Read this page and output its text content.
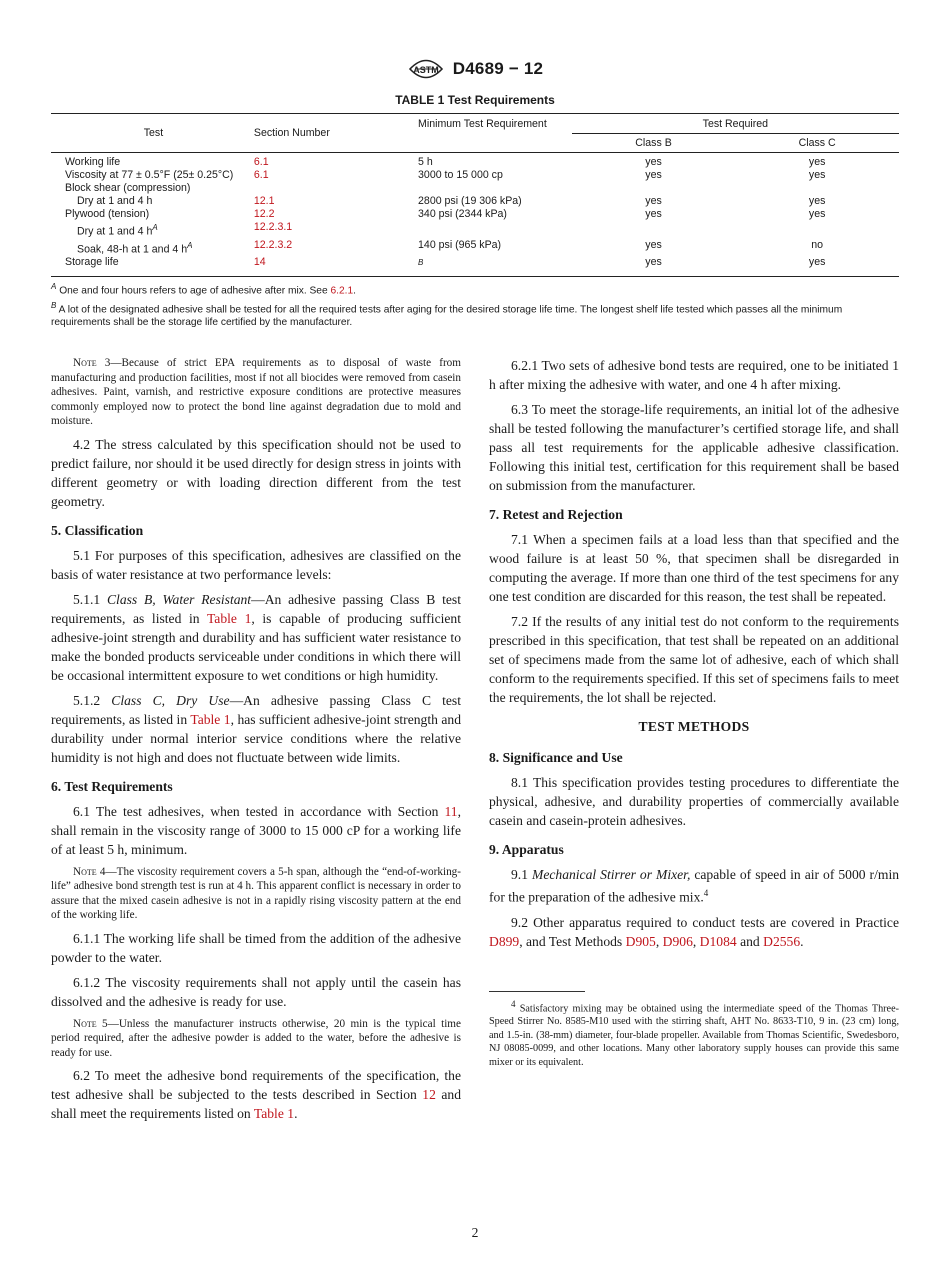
ASTM D4689 − 12
TABLE 1 Test Requirements
Test	Section Number	Minimum Test Requirement	Test Required	
			Class B	Class C
Working life	6.1	5 h	yes	yes
Viscosity at 77 ± 0.5°F (25± 0.25°C)	6.1	3000 to 15 000 cp	yes	yes
Block shear (compression)				
Dry at 1 and 4 h	12.1	2800 psi (19 306 kPa)	yes	yes
Plywood (tension)	12.2	340 psi (2344 kPa)	yes	yes
Dry at 1 and 4 $h^A$	12.2.3.1			
Soak, 48-h at 1 and 4 $h^A$	12.2.3.2	140 psi (965 kPa)	yes	no
Storage life	14	$^B$	yes	yes
$^A$ One and four hours refers to age of adhesive after mix. See 6.2.1.
$^B$ A lot of the designated adhesive shall be tested for all the required tests after aging for the desired storage life time. The longest shelf life tested which passes all the minimum requirements shall be the storage life certified by the manufacturer.

Note 3—Because of strict EPA requirements as to disposal of waste from manufacturing and production facilities, most if not all biocides were removed from casein adhesives. Paint, varnish, and restrictive exposure conditions are protective measures commonly employed now to protect the bond line against degradation due to mold and moisture.

4.2 The stress calculated by this specification should not be used to predict failure, nor should it be used directly for design stress in joints with different geometry or with loading direction different from the test geometry.

5. Classification

5.1 For purposes of this specification, adhesives are classified on the basis of water resistance at two performance levels:

5.1.1 Class B, Water Resistant—An adhesive passing Class B test requirements, as listed in Table 1, is capable of producing sufficient adhesive-joint strength and durability and has sufficient water resistance to make the bonded products serviceable under conditions in which there will be occasional intermittent exposure to wet conditions or high humidity.

5.1.2 Class C, Dry Use—An adhesive passing Class C test requirements, as listed in Table 1, has sufficient adhesive-joint strength and durability under normal interior service conditions where the relative humidity is not high and does not fluctuate between wide limits.

6. Test Requirements

6.1 The test adhesives, when tested in accordance with Section 11, shall remain in the viscosity range of 3000 to 15 000 cP for a working life of at least 5 h, minimum.

Note 4—The viscosity requirement covers a 5-h span, although the “end-of-working-life” adhesive bond strength test is run at 4 h. This apparent conflict is necessary in order to assure that the mixed casein adhesive is not in a rapidly rising viscosity pattern at the end of the working life.

6.1.1 The working life shall be timed from the addition of the adhesive powder to the water.

6.1.2 The viscosity requirements shall not apply until the casein has dissolved and the adhesive is ready for use.

Note 5—Unless the manufacturer instructs otherwise, 20 min is the typical time period required, after the adhesive powder is added to the water, before the adhesive is ready for use.

6.2 To meet the adhesive bond requirements of the specification, the test adhesive shall be subjected to the tests described in Section 12 and shall meet the requirements listed on Table 1.

6.2.1 Two sets of adhesive bond tests are required, one to be initiated 1 h after mixing the adhesive with water, and one 4 h after mixing.

6.3 To meet the storage-life requirements, an initial lot of the adhesive shall be tested following the manufacturer’s certified storage life, and shall pass all test requirements for the applicable adhesive classification. Following this initial test, certification for this requirement shall be based on submission from the manufacturer.

7. Retest and Rejection

7.1 When a specimen fails at a load less than that specified and the wood failure is at least 50 %, that specimen shall be disregarded in computing the average. If more than one third of the test specimens for any one test condition are discarded for this reason, the test shall be repeated.

7.2 If the results of any initial test do not conform to the requirements prescribed in this specification, that test shall be repeated on an additional set of specimens made from the same lot of adhesive, each of which shall conform to the requirements specified. If this set of specimens fails to meet the requirements, the lot shall be rejected.

TEST METHODS
8. Significance and Use

8.1 This specification provides testing procedures to differentiate the physical, adhesive, and durability properties of commercially available casein and casein-protein adhesives.

9. Apparatus

9.1 Mechanical Stirrer or Mixer, capable of speed in air of 5000 r/min for the preparation of the adhesive mix.$^4$

9.2 Other apparatus required to conduct tests are covered in Practice D899, and Test Methods D905, D906, D1084 and D2556.

$^4$ Satisfactory mixing may be obtained using the intermediate speed of the Thomas Three-Speed Stirrer No. 8585-M10 used with the stirring shaft, AHT No. 8633-T10, 9 in. (23 cm) long, and 1.5-in. (38-mm) diameter, four-blade propeller. Available from Thomas Scientific, Swedesboro, NJ 08085-0099, and other locations. Many other laboratory supply houses can provide this same mixer or its equivalent.

2
